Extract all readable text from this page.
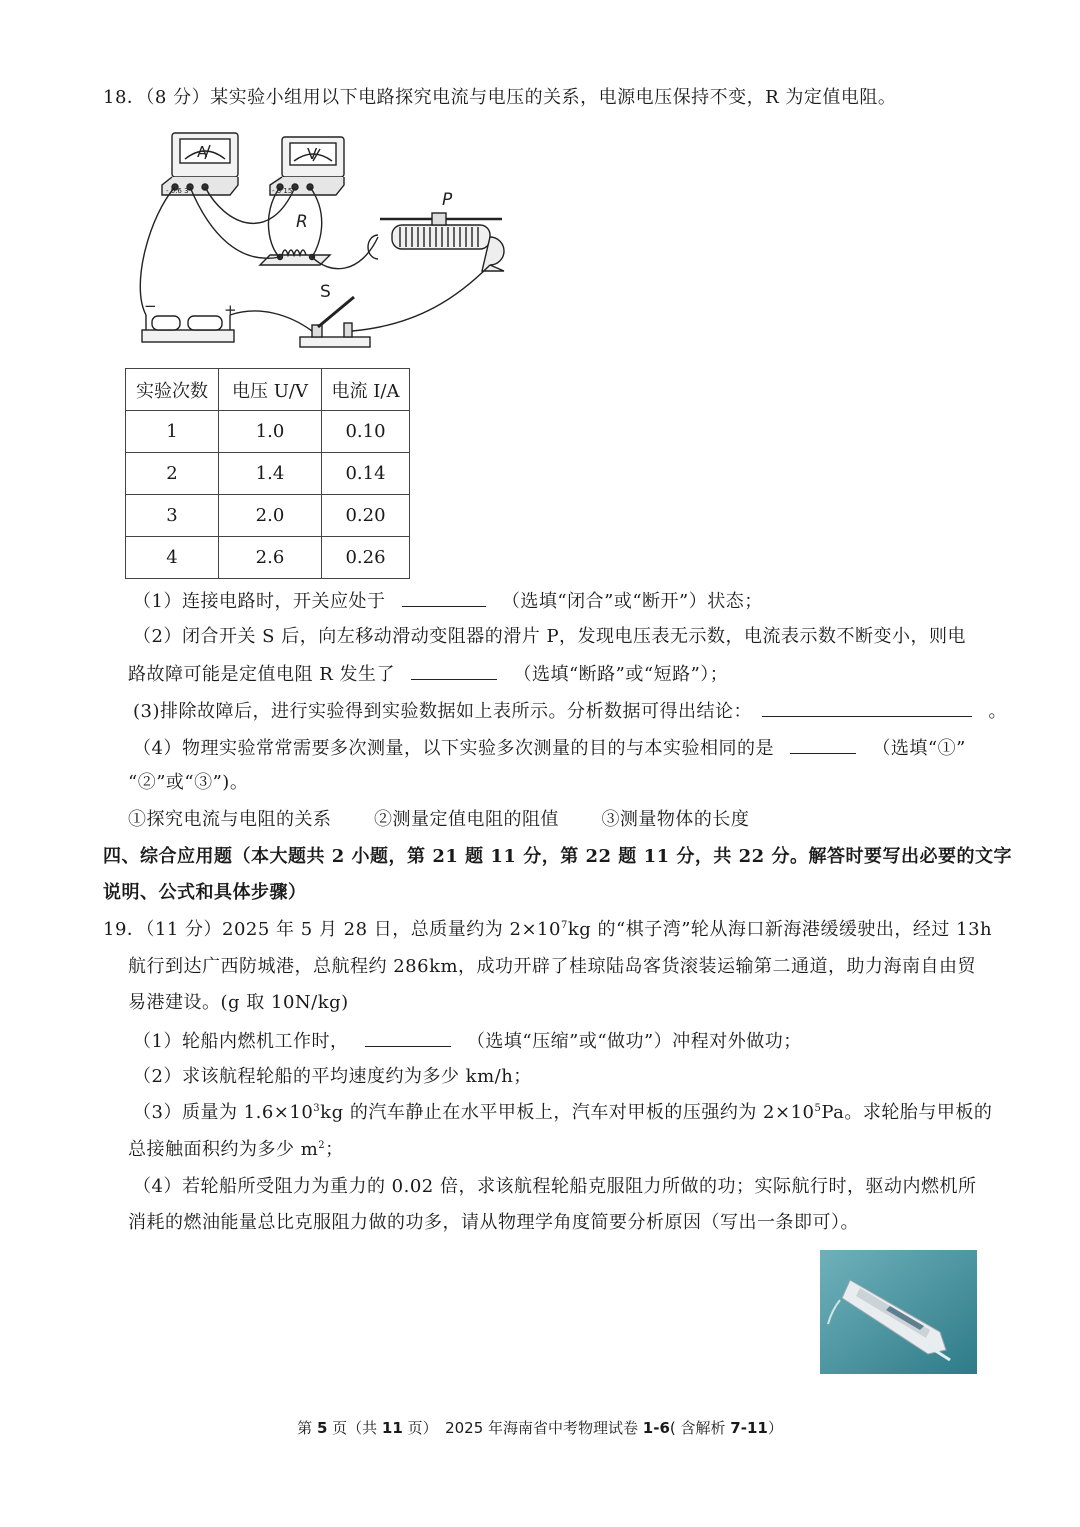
18．（8 分）某实验小组用以下电路探究电流与电压的关系，电源电压保持不变，R 为定值电阻。
A	V
R
P
S
−	+
- 0.6 3	- 3 15
实验次数	电压 U/V	电流 I/A
1	1.0	0.10
2	1.4	0.14
3	2.0	0.20
4	2.6	0.26
（1）连接电路时，开关应处于	（选填“闭合”或“断开”）状态；
（2）闭合开关 S 后，向左移动滑动变阻器的滑片 P，发现电压表无示数，电流表示数不断变小，则电
路故障可能是定值电阻 R 发生了	（选填“断路”或“短路”）；
(3)排除故障后，进行实验得到实验数据如上表所示。分析数据可得出结论：	。
（4）物理实验常常需要多次测量，以下实验多次测量的目的与本实验相同的是	（选填“①”
“②”或“③”)。
①探究电流与电阻的关系 ②测量定值电阻的阻值 ③测量物体的长度
四、综合应用题（本大题共 2 小题，第 21 题 11 分，第 22 题 11 分，共 22 分。解答时要写出必要的文字
说明、公式和具体步骤）
19．（11 分）2025 年 5 月 28 日，总质量约为 $2\times 10^7kg$ 的“棋子湾”轮从海口新海港缓缓驶出，经过 13h
航行到达广西防城港，总航程约 286km，成功开辟了桂琼陆岛客货滚装运输第二通道，助力海南自由贸
易港建设。(g 取 10N/kg)
（1）轮船内燃机工作时，	（选填“压缩”或“做功”）冲程对外做功；
（2）求该航程轮船的平均速度约为多少 km/h；
（3）质量为 $1.6\times 10^3kg$ 的汽车静止在水平甲板上，汽车对甲板的压强约为 $2\times 10^5Pa$。求轮胎与甲板的
总接触面积约为多少 $m^2$；
（4）若轮船所受阻力为重力的 0.02 倍，求该航程轮船克服阻力所做的功；实际航行时，驱动内燃机所
消耗的燃油能量总比克服阻力做的功多，请从物理学角度简要分析原因（写出一条即可）。
第 5 页（共 11 页）　2025 年海南省中考物理试卷 1-6( 含解析 7-11）
